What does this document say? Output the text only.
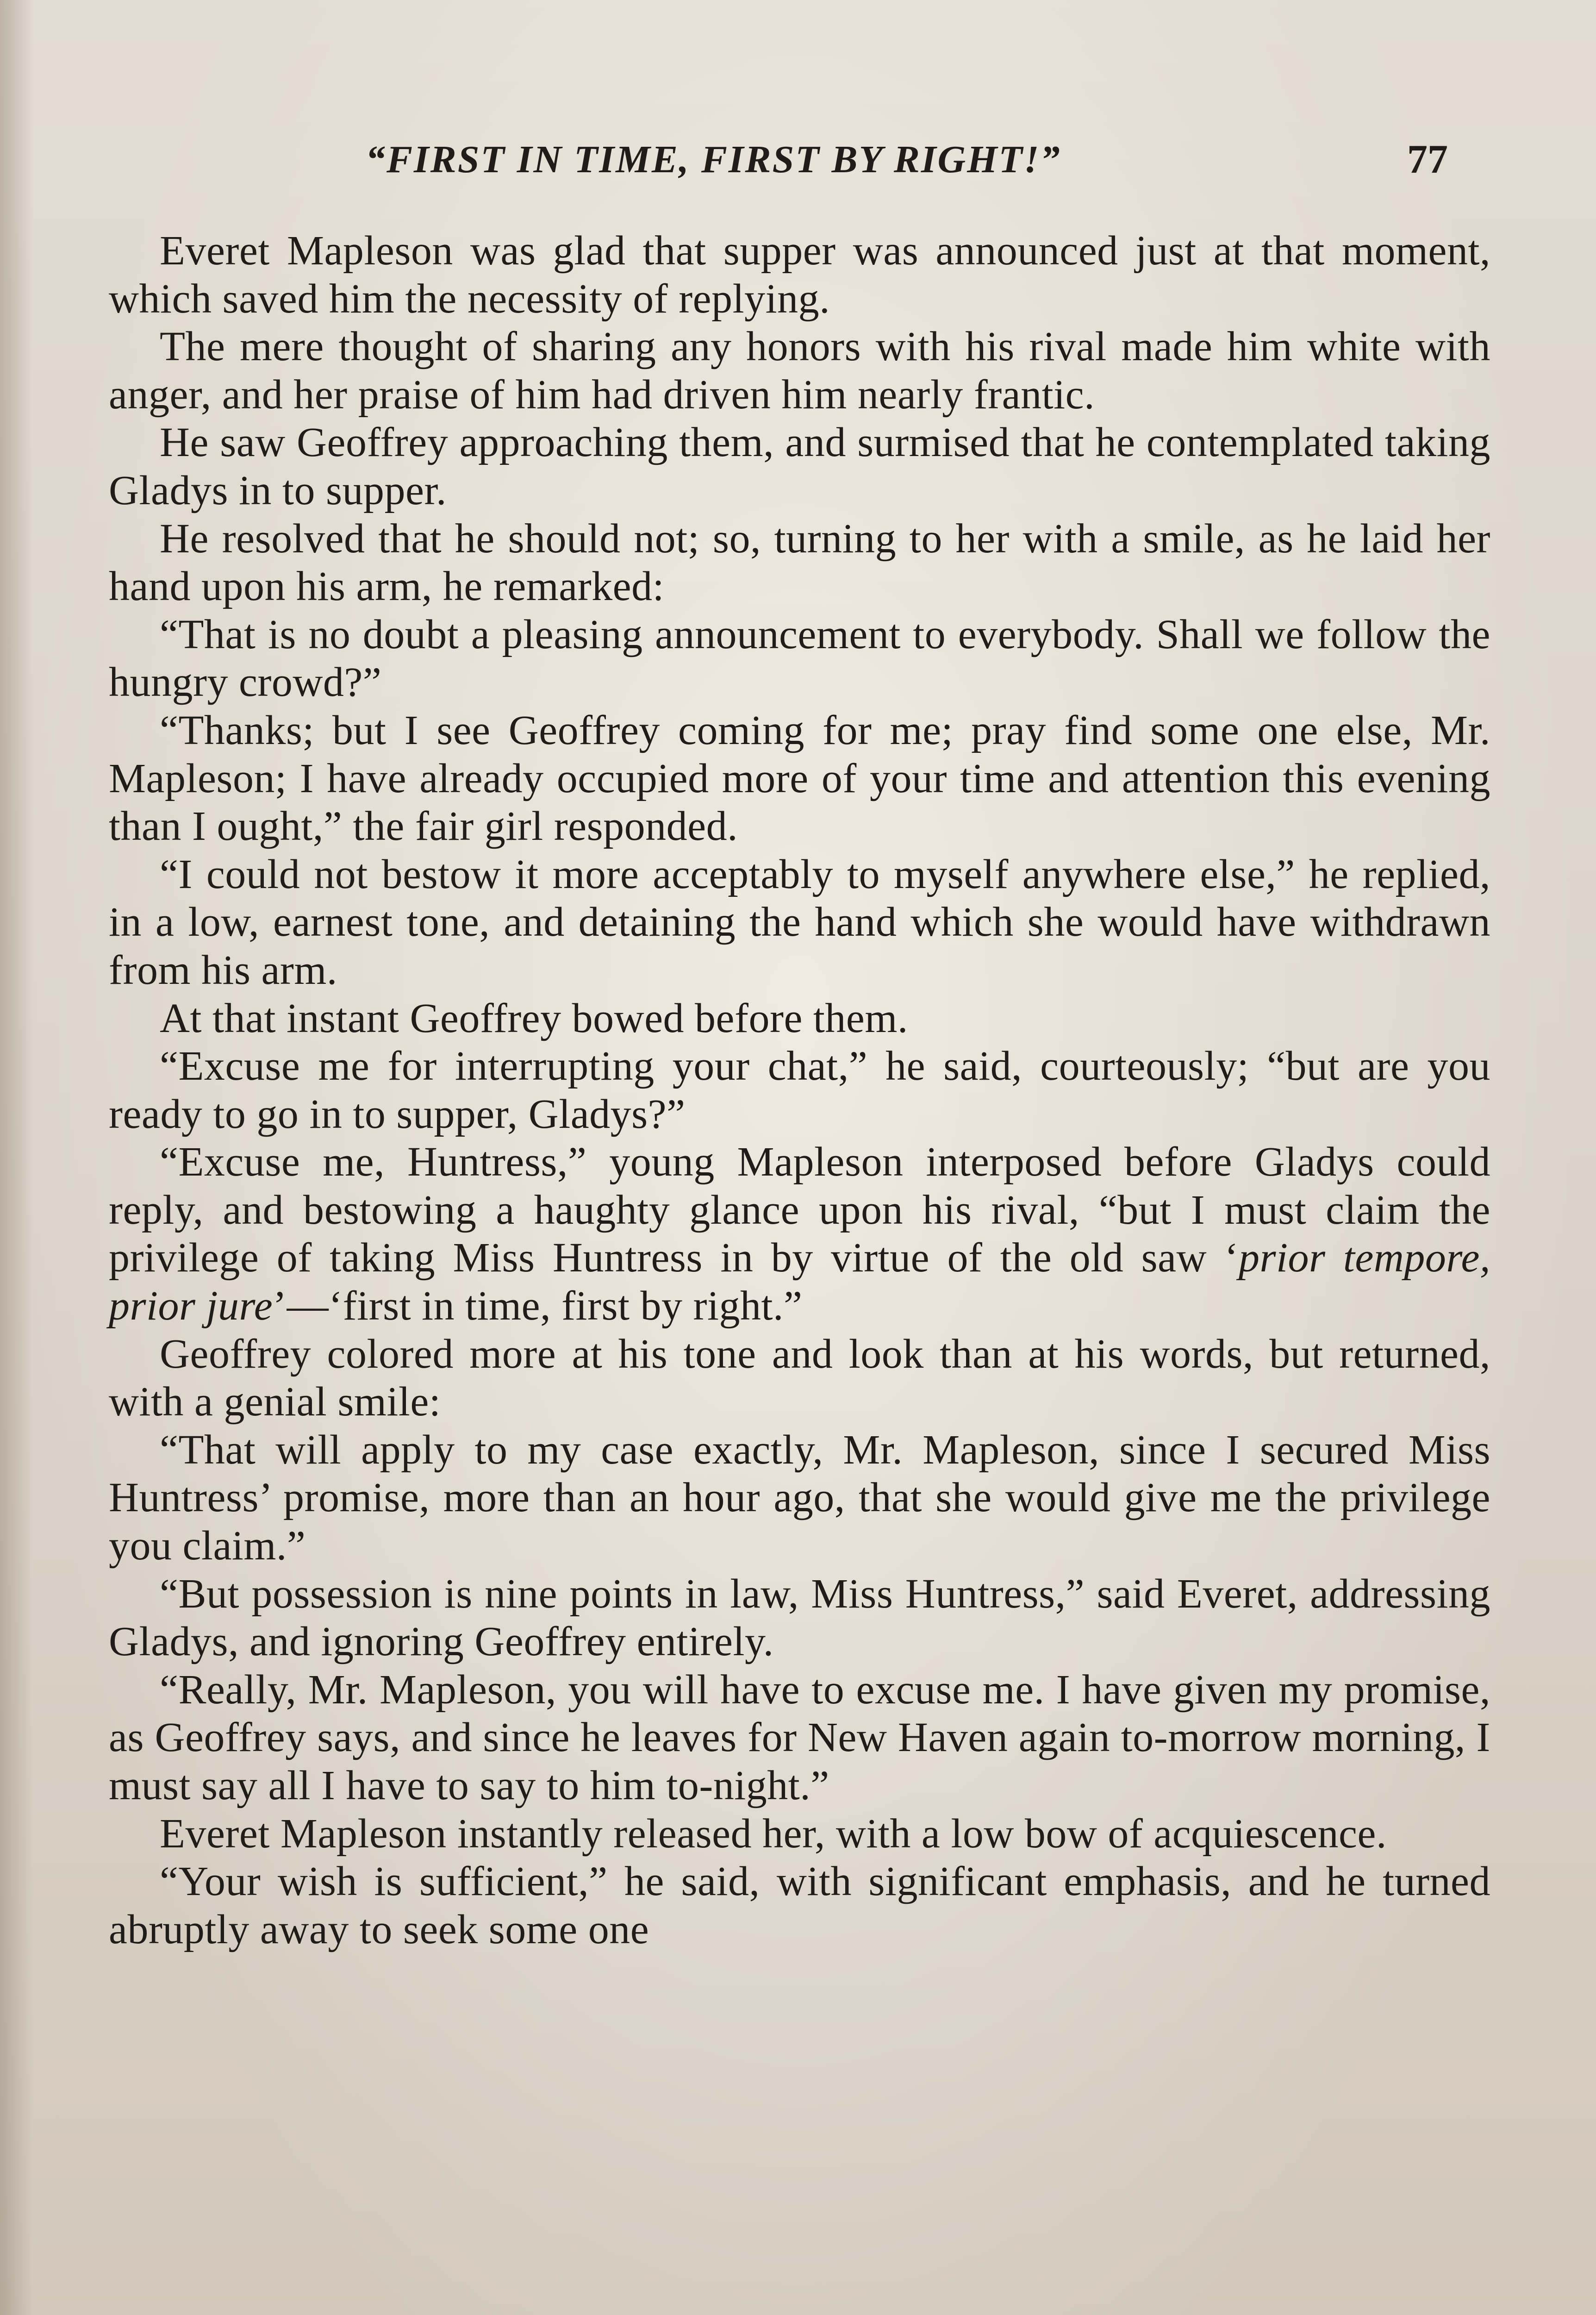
“FIRST IN TIME, FIRST BY RIGHT!”	77

Everet Mapleson was glad that supper was announced just at that moment, which saved him the necessity of replying.

The mere thought of sharing any honors with his rival made him white with anger, and her praise of him had driven him nearly frantic.

He saw Geoffrey approaching them, and surmised that he contemplated taking Gladys in to supper.

He resolved that he should not; so, turning to her with a smile, as he laid her hand upon his arm, he remarked:

“That is no doubt a pleasing announcement to everybody. Shall we follow the hungry crowd?”

“Thanks; but I see Geoffrey coming for me; pray find some one else, Mr. Mapleson; I have already occupied more of your time and attention this evening than I ought,” the fair girl responded.

“I could not bestow it more acceptably to myself anywhere else,” he replied, in a low, earnest tone, and detaining the hand which she would have withdrawn from his arm.

At that instant Geoffrey bowed before them.

“Excuse me for interrupting your chat,” he said, courteously; “but are you ready to go in to supper, Gladys?”

“Excuse me, Huntress,” young Mapleson interposed before Gladys could reply, and bestowing a haughty glance upon his rival, “but I must claim the privilege of taking Miss Huntress in by virtue of the old saw ‘prior tempore, prior jure’—‘first in time, first by right.”

Geoffrey colored more at his tone and look than at his words, but returned, with a genial smile:

“That will apply to my case exactly, Mr. Mapleson, since I secured Miss Huntress’ promise, more than an hour ago, that she would give me the privilege you claim.”

“But possession is nine points in law, Miss Huntress,” said Everet, addressing Gladys, and ignoring Geoffrey entirely.

“Really, Mr. Mapleson, you will have to excuse me. I have given my promise, as Geoffrey says, and since he leaves for New Haven again to-morrow morning, I must say all I have to say to him to-night.”

Everet Mapleson instantly released her, with a low bow of acquiescence.

“Your wish is sufficient,” he said, with significant emphasis, and he turned abruptly away to seek some one
